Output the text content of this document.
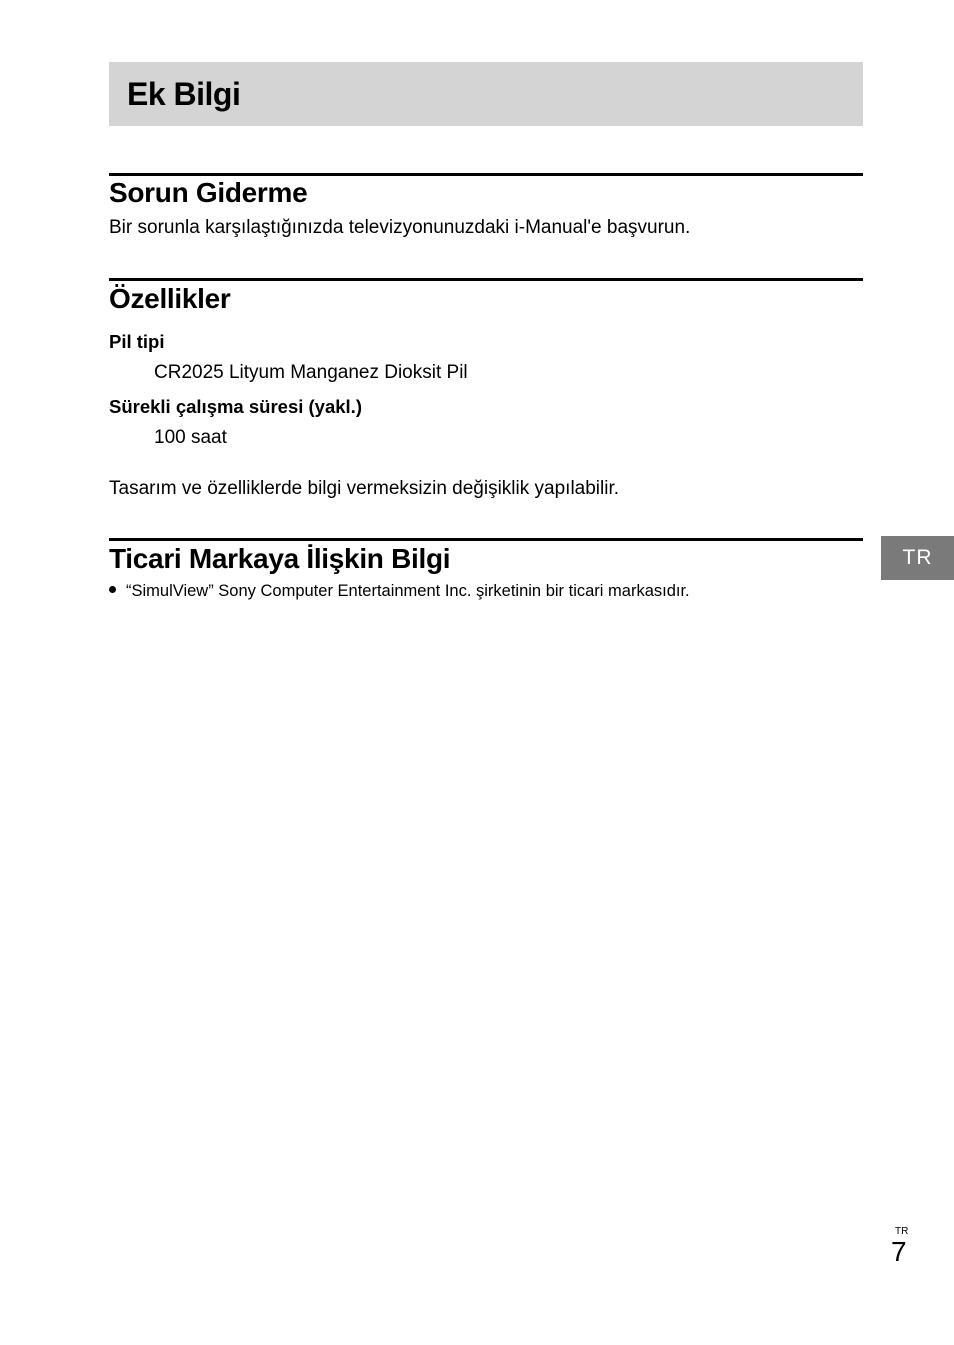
Ek Bilgi
Sorun Giderme

Bir sorunla karşılaştığınızda televizyonunuzdaki i-Manual'e başvurun.

Özellikler

Pil tipi

CR2025 Lityum Manganez Dioksit Pil

Sürekli çalışma süresi (yakl.)

100 saat

Tasarım ve özelliklerde bilgi vermeksizin değişiklik yapılabilir.

Ticari Markaya İlişkin Bilgi
“SimulView” Sony Computer Entertainment Inc. şirketinin bir ticari markasıdır.
TR
TR
7
